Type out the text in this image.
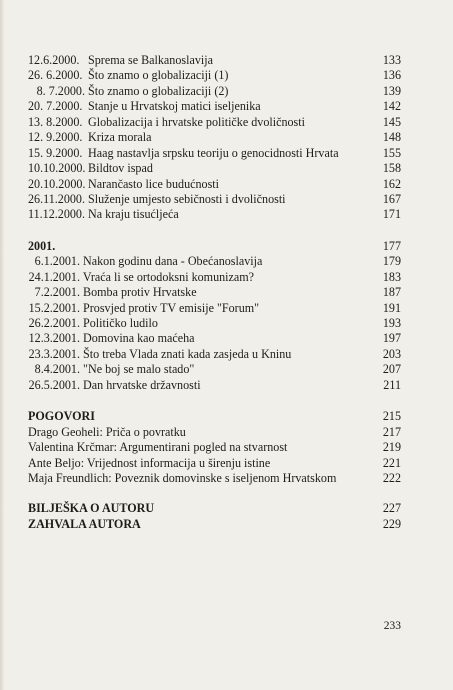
12.6.2000. Sprema se Balkanoslavija	133
26. 6.2000. Što znamo o globalizaciji (1)	136
8. 7.2000. Što znamo o globalizaciji (2)	139
20. 7.2000. Stanje u Hrvatskoj matici iseljenika	142
13. 8.2000. Globalizacija i hrvatske političke dvoličnosti	145
12. 9.2000. Kriza morala	148
15. 9.2000. Haag nastavlja srpsku teoriju o genocidnosti Hrvata	155
10.10.2000. Bildtov ispad	158
20.10.2000. Narančasto lice budućnosti	162
26.11.2000. Služenje umjesto sebičnosti i dvoličnosti	167
11.12.2000. Na kraju tisućljeća	171
2001.	177
6.1.2001. Nakon godinu dana - Obećanoslavija	179
24.1.2001. Vraća li se ortodoksni komunizam?	183
7.2.2001. Bomba protiv Hrvatske	187
15.2.2001. Prosvjed protiv TV emisije "Forum"	191
26.2.2001. Političko ludilo	193
12.3.2001. Domovina kao maćeha	197
23.3.2001. Što treba Vlada znati kada zasjeda u Kninu	203
8.4.2001. "Ne boj se malo stado"	207
26.5.2001. Dan hrvatske državnosti	211
POGOVORI	215
Drago Geoheli: Priča o povratku	217
Valentina Krčmar: Argumentirani pogled na stvarnost	219
Ante Beljo: Vrijednost informacija u širenju istine	221
Maja Freundlich: Poveznik domovinske s iseljenom Hrvatskom	222
BILJEŠKA O AUTORU	227
ZAHVALA AUTORA	229
233
